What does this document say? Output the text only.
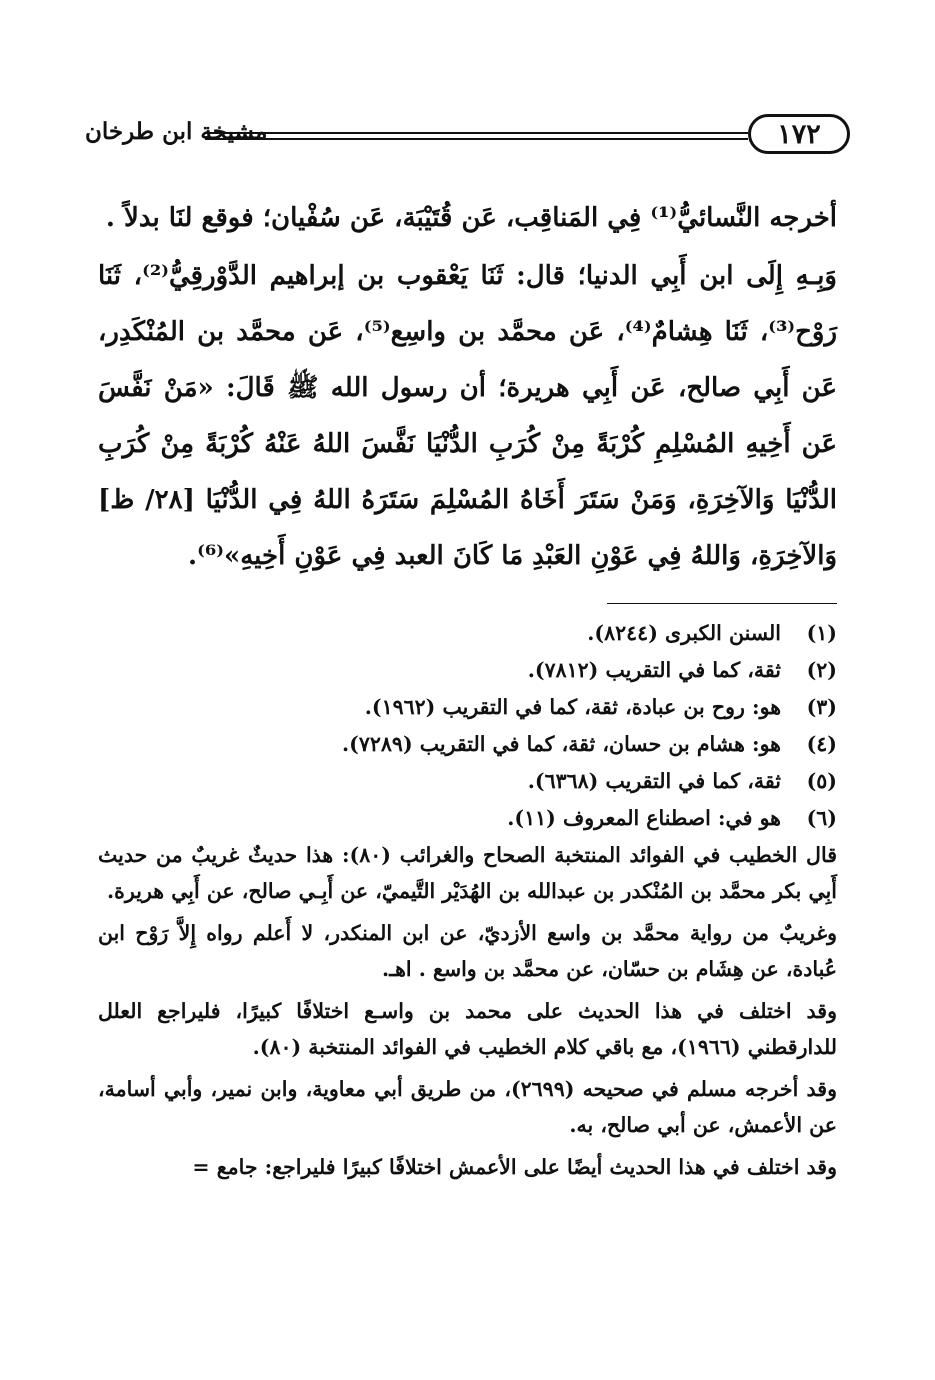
١٧٢
مشيخة ابن طرخان

أخرجه النَّسائيُّ⁽¹⁾ فِي المَناقِب، عَن قُتَيْبَة، عَن سُفْيان؛ فوقع لنَا بدلاً .

وَبِـهِ إِلَى ابن أَبِي الدنيا؛ قال: ثَنَا يَعْقوب بن إبراهيم الدَّوْرقِيُّ⁽²⁾، ثَنَا رَوْح⁽³⁾، ثَنَا هِشامٌ⁽⁴⁾، عَن محمَّد بن واسِع⁽⁵⁾، عَن محمَّد بن المُنْكَدِر، عَن أَبِي صالح، عَن أَبِي هريرة؛ أن رسول الله ﷺ قَالَ: «مَنْ نَفَّسَ عَن أَخِيهِ المُسْلِمِ كُرْبَةً مِنْ كُرَبِ الدُّنْيَا نَفَّسَ اللهُ عَنْهُ كُرْبَةً مِنْ كُرَبِ الدُّنْيَا وَالآخِرَةِ، وَمَنْ سَتَرَ أَخَاهُ المُسْلِمَ سَتَرَهُ اللهُ فِي الدُّنْيَا [٢٨/ ظ] وَالآخِرَةِ، وَاللهُ فِي عَوْنِ العَبْدِ مَا كَانَ العبد فِي عَوْنِ أَخِيهِ»⁽⁶⁾.

(١)
السنن الكبرى (٨٢٤٤).
(٢)
ثقة، كما في التقريب (٧٨١٢).
(٣)
هو: روح بن عبادة، ثقة، كما في التقريب (١٩٦٢).
(٤)
هو: هشام بن حسان، ثقة، كما في التقريب (٧٢٨٩).
(٥)
ثقة، كما في التقريب (٦٣٦٨).
(٦)
هو في: اصطناع المعروف (١١).

قال الخطيب في الفوائد المنتخبة الصحاح والغرائب (٨٠): هذا حديثٌ غريبٌ من حديث أَبِي بكر محمَّد بن المُنْكدر بن عبدالله بن الهُدَيْر التَّيميّ، عن أَبِـي صالح، عن أَبِي هريرة.

وغريبٌ من رواية محمَّد بن واسع الأزديّ، عن ابن المنكدر، لا أَعلم رواه إِلاَّ رَوْح ابن عُبادة، عن هِشَام بن حسّان، عن محمَّد بن واسع . اهـ.

وقد اختلف في هذا الحديث على محمد بن واسـع اختلافًا كبيرًا، فليراجع العلل للدارقطني (١٩٦٦)، مع باقي كلام الخطيب في الفوائد المنتخبة (٨٠).

وقد أخرجه مسلم في صحيحه (٢٦٩٩)، من طريق أبي معاوية، وابن نمير، وأبي أسامة، عن الأعمش، عن أبي صالح، به.

وقد اختلف في هذا الحديث أيضًا على الأعمش اختلافًا كبيرًا فليراجع: جامع =
